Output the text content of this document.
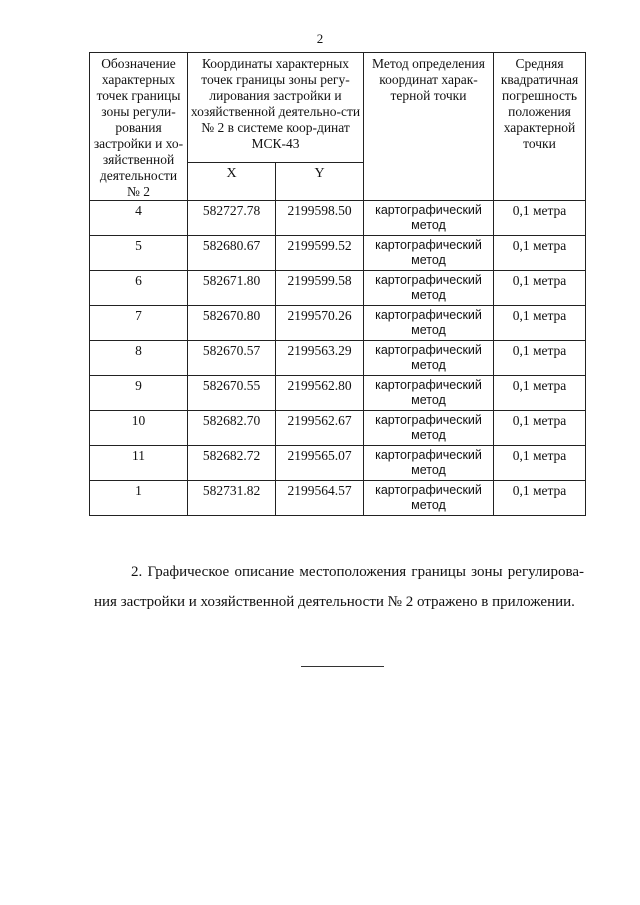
2
Обозначение характерных точек границы зоны регули-рования застройки и хо-зяйственной деятельности № 2	Координаты характерных точек границы зоны регу-лирования застройки и хозяйственной деятельно-сти № 2 в системе коор-динат МСК-43		Метод определения координат харак-терной точки	Средняя квадратичная погрешность положения характерной точки
	X	Y		
4	582727.78	2199598.50	картографический метод	0,1 метра
5	582680.67	2199599.52	картографический метод	0,1 метра
6	582671.80	2199599.58	картографический метод	0,1 метра
7	582670.80	2199570.26	картографический метод	0,1 метра
8	582670.57	2199563.29	картографический метод	0,1 метра
9	582670.55	2199562.80	картографический метод	0,1 метра
10	582682.70	2199562.67	картографический метод	0,1 метра
11	582682.72	2199565.07	картографический метод	0,1 метра
1	582731.82	2199564.57	картографический метод	0,1 метра
2. Графическое описание местоположения границы зоны регулирова-ния застройки и хозяйственной деятельности № 2 отражено в приложении.
